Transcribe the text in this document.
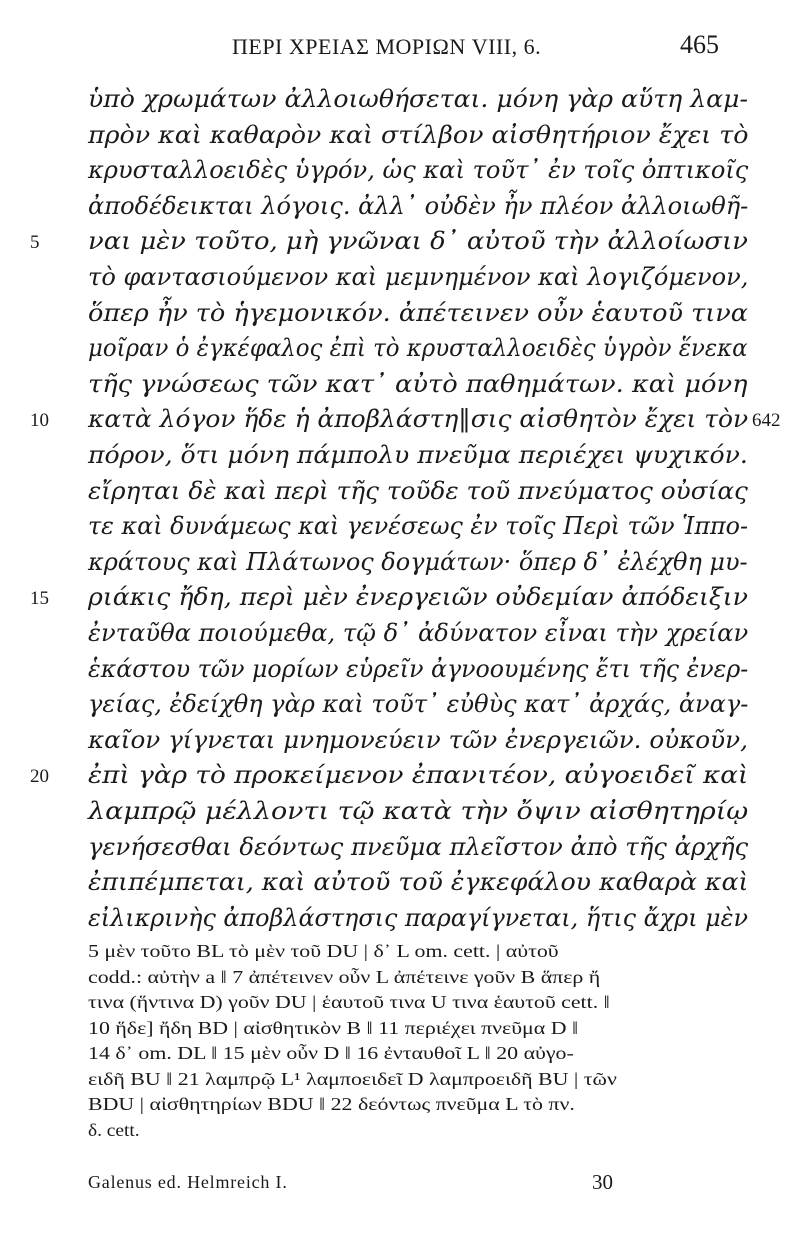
ΠΕΡΙ ΧΡΕΙΑΣ ΜΟΡΙΩΝ VIII, 6.	465
ὑπὸ χρωμάτων ἀλλοιωθήσεται. μόνη γὰρ αὕτη λαμ-
πρὸν καὶ καθαρὸν καὶ στίλβον αἰσθητήριον ἔχει τὸ
κρυσταλλοειδὲς ὑγρόν, ὡς καὶ τοῦτ᾽ ἐν τοῖς ὀπτικοῖς
ἀποδέδεικται λόγοις. ἀλλ᾽ οὐδὲν ἦν πλέον ἀλλοιωθῆ-
ναι μὲν τοῦτο, μὴ γνῶναι δ᾽ αὐτοῦ τὴν ἀλλοίωσιν
τὸ φαντασιούμενον καὶ μεμνημένον καὶ λογιζόμενον,
ὅπερ ἦν τὸ ἡγεμονικόν. ἀπέτεινεν οὖν ἑαυτοῦ τινα
μοῖραν ὁ ἐγκέφαλος ἐπὶ τὸ κρυσταλλοειδὲς ὑγρὸν ἕνεκα
τῆς γνώσεως τῶν κατ᾽ αὐτὸ παθημάτων. καὶ μόνη
κατὰ λόγον ἥδε ἡ ἀποβλάστη‖σις αἰσθητὸν ἔχει τὸν
πόρον, ὅτι μόνη πάμπολυ πνεῦμα περιέχει ψυχικόν.
εἴρηται δὲ καὶ περὶ τῆς τοῦδε τοῦ πνεύματος οὐσίας
τε καὶ δυνάμεως καὶ γενέσεως ἐν τοῖς Περὶ τῶν Ἱππο-
κράτους καὶ Πλάτωνος δογμάτων· ὅπερ δ᾽ ἐλέχθη μυ-
ριάκις ἤδη, περὶ μὲν ἐνεργειῶν οὐδεμίαν ἀπόδειξιν
ἐνταῦθα ποιούμεθα, τῷ δ᾽ ἀδύνατον εἶναι τὴν χρείαν
ἑκάστου τῶν μορίων εὑρεῖν ἀγνοουμένης ἔτι τῆς ἐνερ-
γείας, ἐδείχθη γὰρ καὶ τοῦτ᾽ εὐθὺς κατ᾽ ἀρχάς, ἀναγ-
καῖον γίγνεται μνημονεύειν τῶν ἐνεργειῶν. οὐκοῦν,
ἐπὶ γὰρ τὸ προκείμενον ἐπανιτέον, αὐγοειδεῖ καὶ
λαμπρῷ μέλλοντι τῷ κατὰ τὴν ὄψιν αἰσθητηρίῳ
γενήσεσθαι δεόντως πνεῦμα πλεῖστον ἀπὸ τῆς ἀρχῆς
ἐπιπέμπεται, καὶ αὐτοῦ τοῦ ἐγκεφάλου καθαρὰ καὶ
εἰλικρινὴς ἀποβλάστησις παραγίγνεται, ἥτις ἄχρι μὲν
5
10
15
20
642
5 μὲν τοῦτο BL τὸ μὲν τοῦ DU | δ᾽ L om. cett. | αὐτοῦ
codd.: αὐτὴν a ‖ 7 ἀπέτεινεν οὖν L ἀπέτεινε γοῦν B ἅπερ ἤ
τινα (ἥντινα D) γοῦν DU | ἑαυτοῦ τινα U τινα ἑαυτοῦ cett. ‖
10 ἥδε] ἤδη BD | αἰσθητικὸν B ‖ 11 περιέχει πνεῦμα D ‖
14 δ᾽ om. DL ‖ 15 μὲν οὖν D ‖ 16 ἐνταυθοῖ L ‖ 20 αὐγο-
ειδῆ BU ‖ 21 λαμπρῷ L¹ λαμποειδεῖ D λαμπροειδῆ BU | τῶν
BDU | αἰσθητηρίων BDU ‖ 22 δεόντως πνεῦμα L τὸ πν.
δ. cett.
Galenus ed. Helmreich I.	30
